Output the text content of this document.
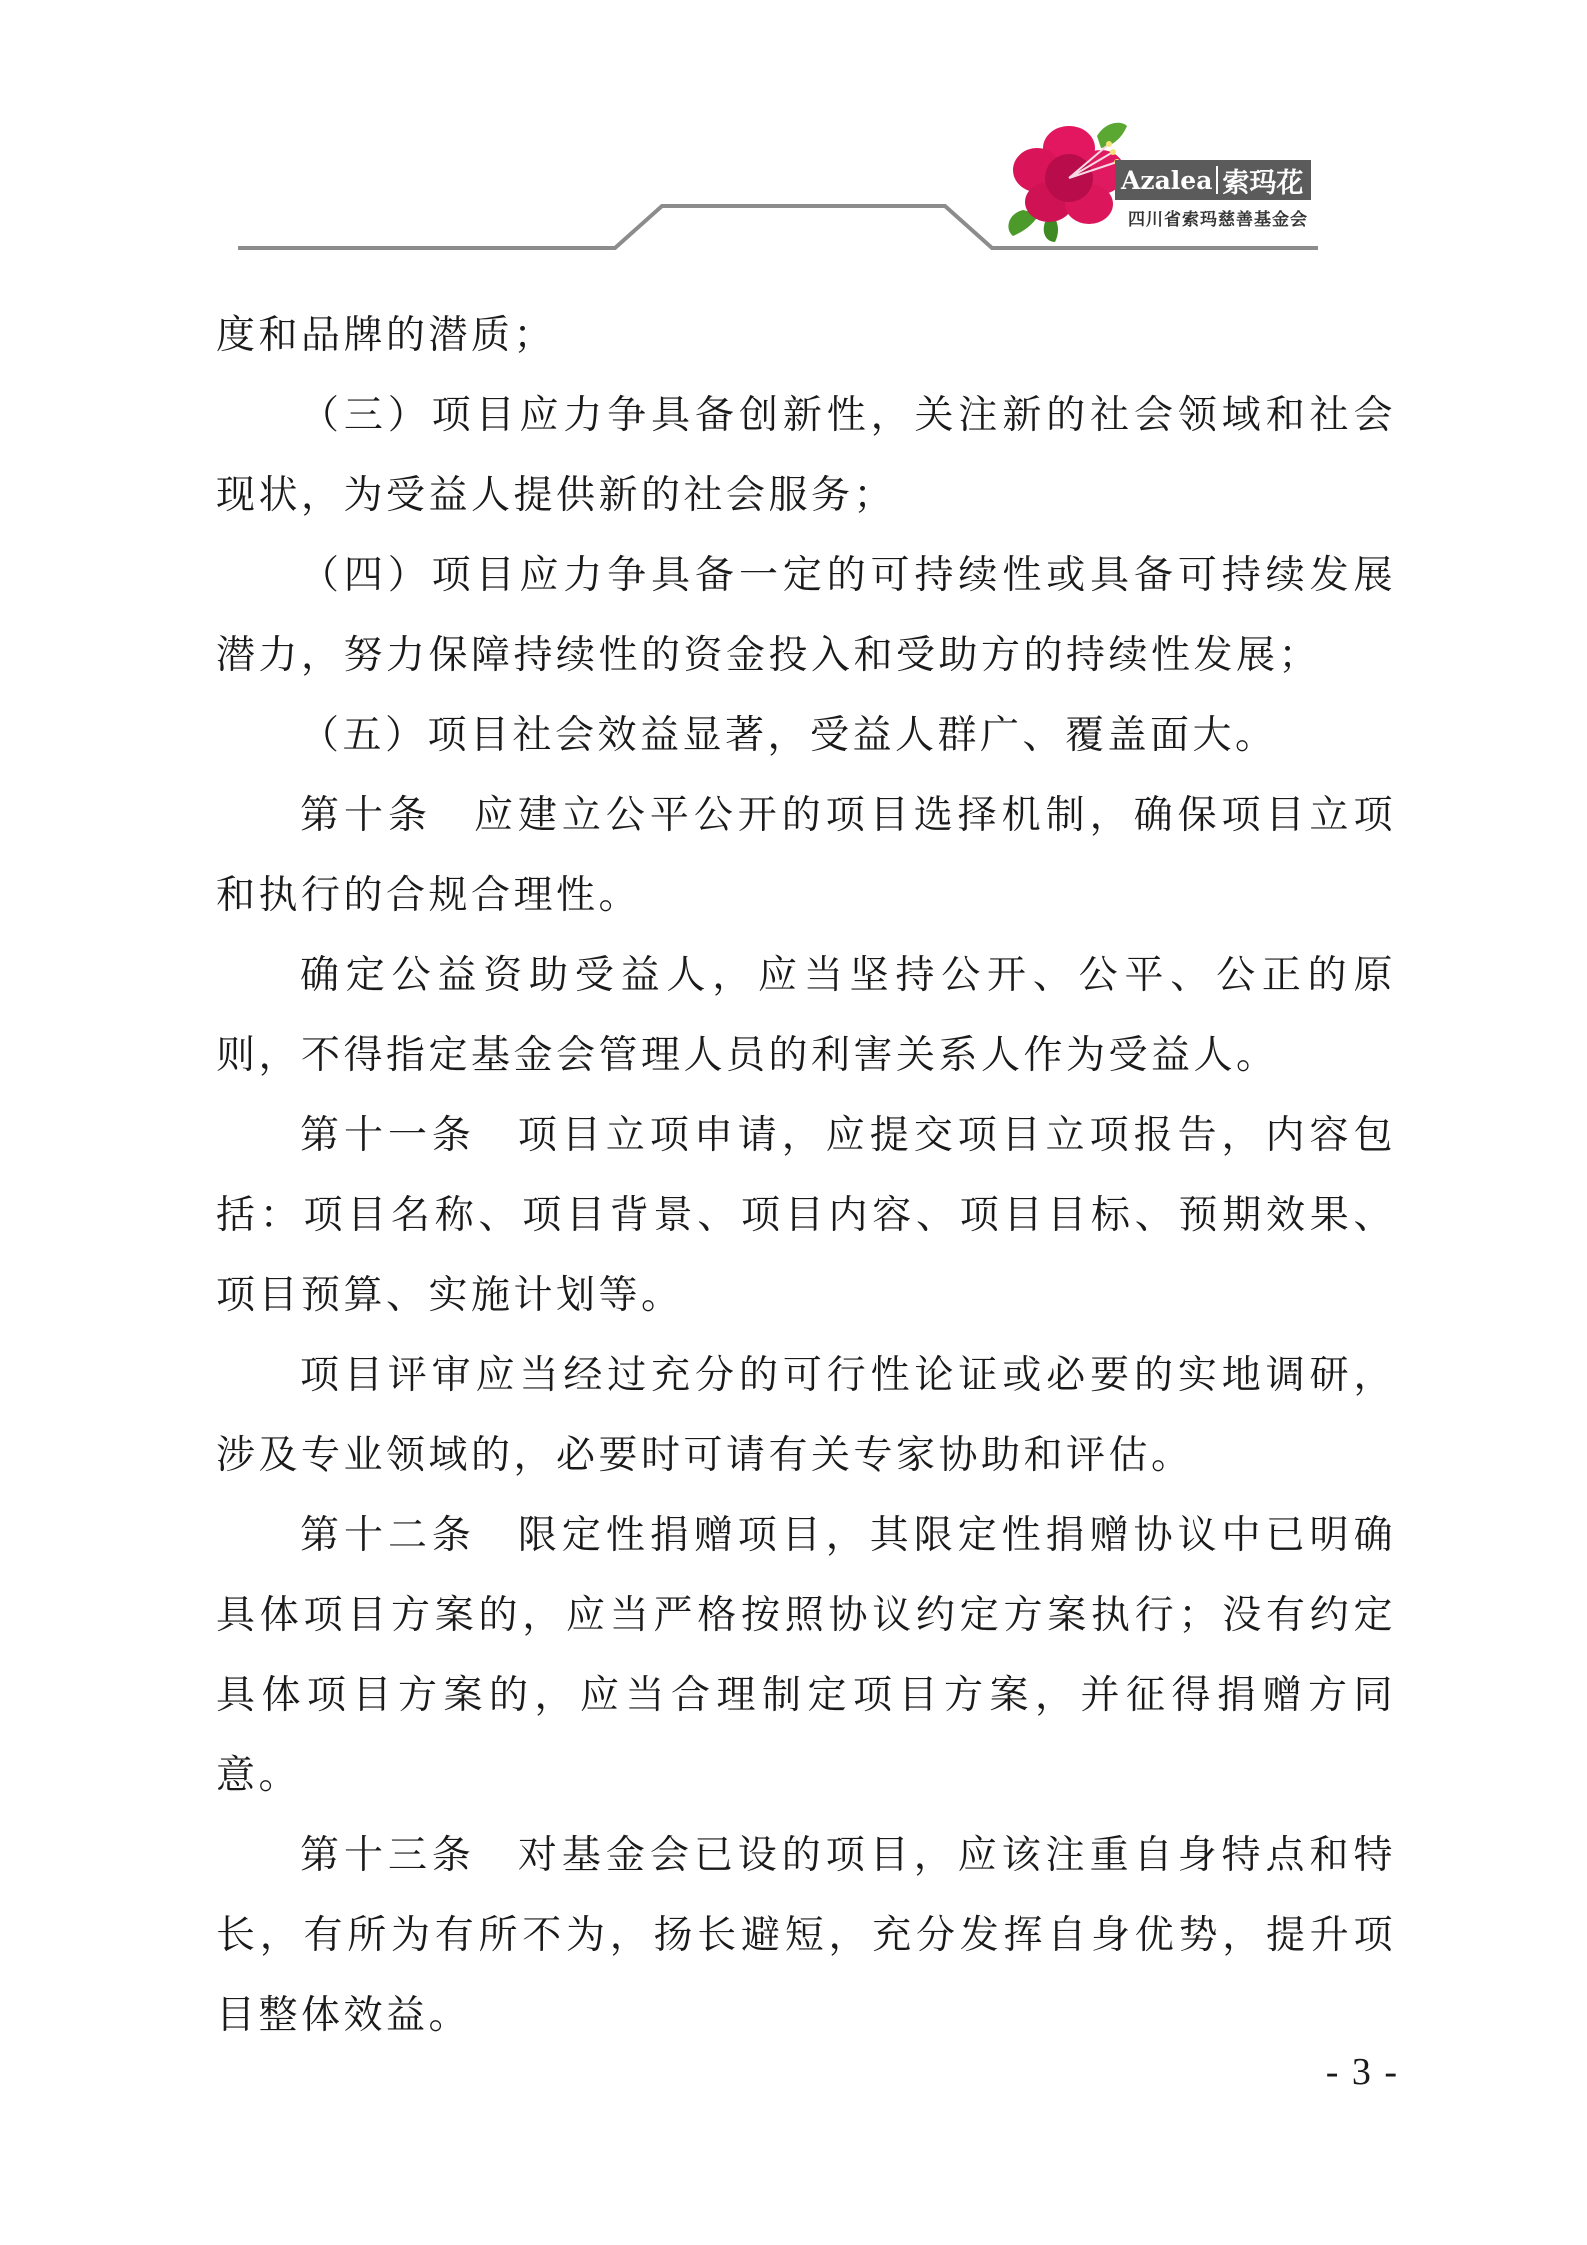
Azalea 索玛花
四川省索玛慈善基金会

度和品牌的潜质；

（三）项目应力争具备创新性，关注新的社会领域和社会现状，为受益人提供新的社会服务；

（四）项目应力争具备一定的可持续性或具备可持续发展潜力，努力保障持续性的资金投入和受助方的持续性发展；

（五）项目社会效益显著，受益人群广、覆盖面大。

第十条 应建立公平公开的项目选择机制，确保项目立项和执行的合规合理性。

确定公益资助受益人，应当坚持公开、公平、公正的原则，不得指定基金会管理人员的利害关系人作为受益人。

第十一条 项目立项申请，应提交项目立项报告，内容包括：项目名称、项目背景、项目内容、项目目标、预期效果、项目预算、实施计划等。

项目评审应当经过充分的可行性论证或必要的实地调研，涉及专业领域的，必要时可请有关专家协助和评估。

第十二条 限定性捐赠项目，其限定性捐赠协议中已明确具体项目方案的，应当严格按照协议约定方案执行；没有约定具体项目方案的，应当合理制定项目方案，并征得捐赠方同意。

第十三条 对基金会已设的项目，应该注重自身特点和特长，有所为有所不为，扬长避短，充分发挥自身优势，提升项目整体效益。

- 3 -
